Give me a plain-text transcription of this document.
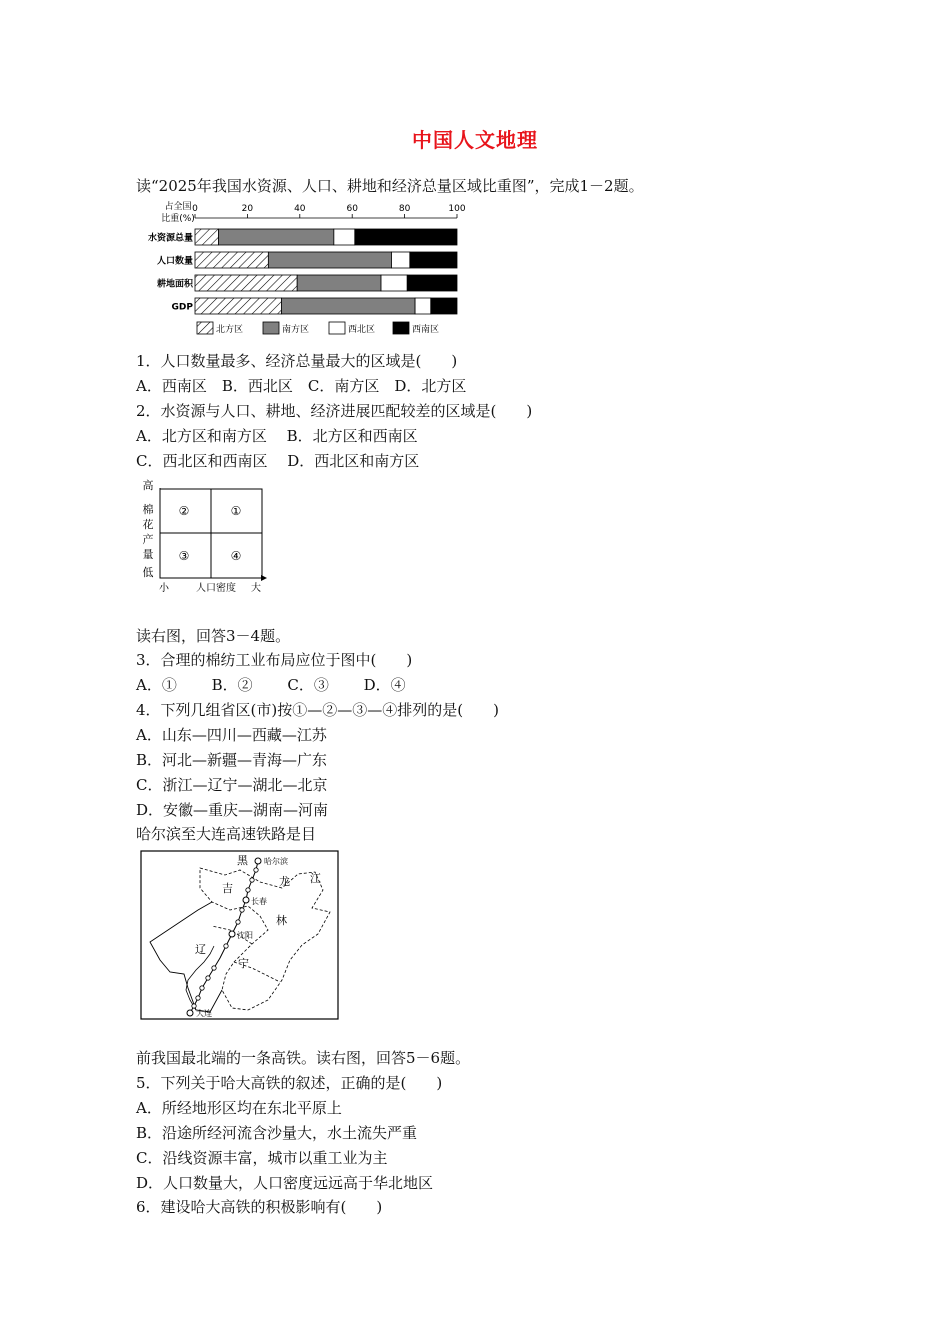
中国人文地理
读“2025年我国水资源、人口、耕地和经济总量区域比重图”，完成1－2题。
占全国
比重(%)
0	20	40	60	80	100
水资源总量
人口数量
耕地面积
GDP
北方区	南方区	西北区	西南区
1．人口数量最多、经济总量最大的区域是(　　)
A．西南区　B．西北区　C．南方区　D．北方区
2．水资源与人口、耕地、经济进展匹配较差的区域是(　　)
A．北方区和南方区　 B．北方区和西南区
C．西北区和西南区　 D．西北区和南方区
高
棉
花
产
量
低
②	①
③	④
小	人口密度 大
读右图，回答3－4题。
3．合理的棉纺工业布局应位于图中(　　)
A．①　　 B．②　　 C．③　　 D．④
4．下列几组省区(市)按①—②—③—④排列的是(　　)
A．山东—四川—西藏—江苏
B．河北—新疆—青海—广东
C．浙江—辽宁—湖北—北京
D．安徽—重庆—湖南—河南
哈尔滨至大连高速铁路是目
黑
龙 江
吉
林
辽
宁
哈尔滨
长春
沈阳
大连
前我国最北端的一条高铁。读右图，回答5－6题。
5．下列关于哈大高铁的叙述，正确的是(　　)
A．所经地形区均在东北平原上
B．沿途所经河流含沙量大，水土流失严重
C．沿线资源丰富，城市以重工业为主
D．人口数量大，人口密度远远高于华北地区
6．建设哈大高铁的积极影响有(　　)
